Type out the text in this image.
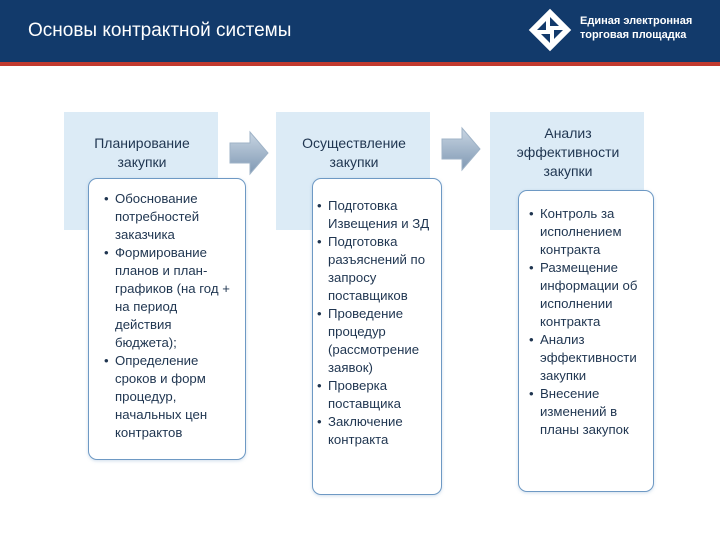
Основы контрактной системы	Единая электронная
торговая площадка
Планирование закупки
• Обоснование потребностей заказчика
• Формирование планов и план-графиков (на год + на период действия бюджета);
• Определение сроков и форм процедур, начальных цен контрактов
Осуществление закупки
• Подготовка Извещения и ЗД
• Подготовка разъяснений по запросу поставщиков
• Проведение процедур (рассмотрение заявок)
• Проверка поставщика
• Заключение контракта
Анализ эффективности закупки
• Контроль за исполнением контракта
• Размещение информации об исполнении контракта
• Анализ эффективности закупки
• Внесение изменений в планы закупок
